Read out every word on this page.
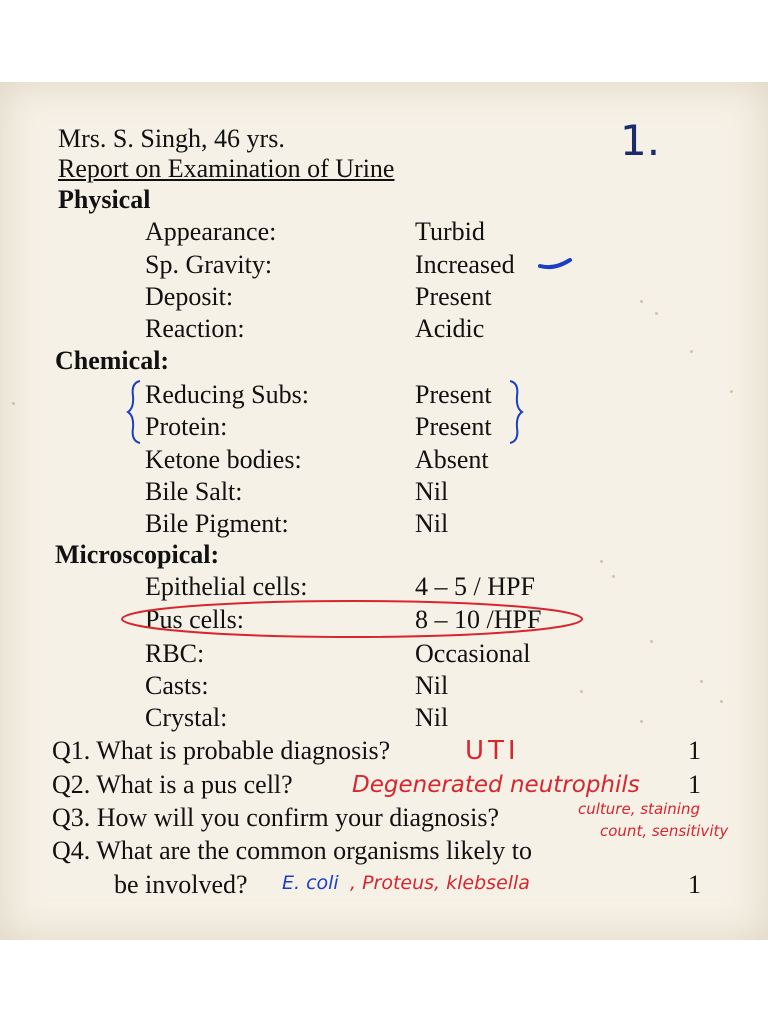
Mrs. S. Singh, 46 yrs.
Report on Examination of Urine
1.
Physical
Appearance:	Turbid
Sp. Gravity:	Increased
Deposit:	Present
Reaction:	Acidic
Chemical:
Reducing Subs:	Present
Protein:	Present
Ketone bodies:	Absent
Bile Salt:	Nil
Bile Pigment:	Nil
Microscopical:
Epithelial cells:	4 – 5 / HPF
Pus cells:	8 – 10 /HPF
RBC:	Occasional
Casts:	Nil
Crystal:	Nil
Q1. What is probable diagnosis?	UTI	1
Q2. What is a pus cell?	Degenerated neutrophils 1
Q3. How will you confirm your diagnosis?	culture, staining
count, sensitivity
Q4. What are the common organisms likely to
be involved? E. coli , Proteus, klebsella	1
